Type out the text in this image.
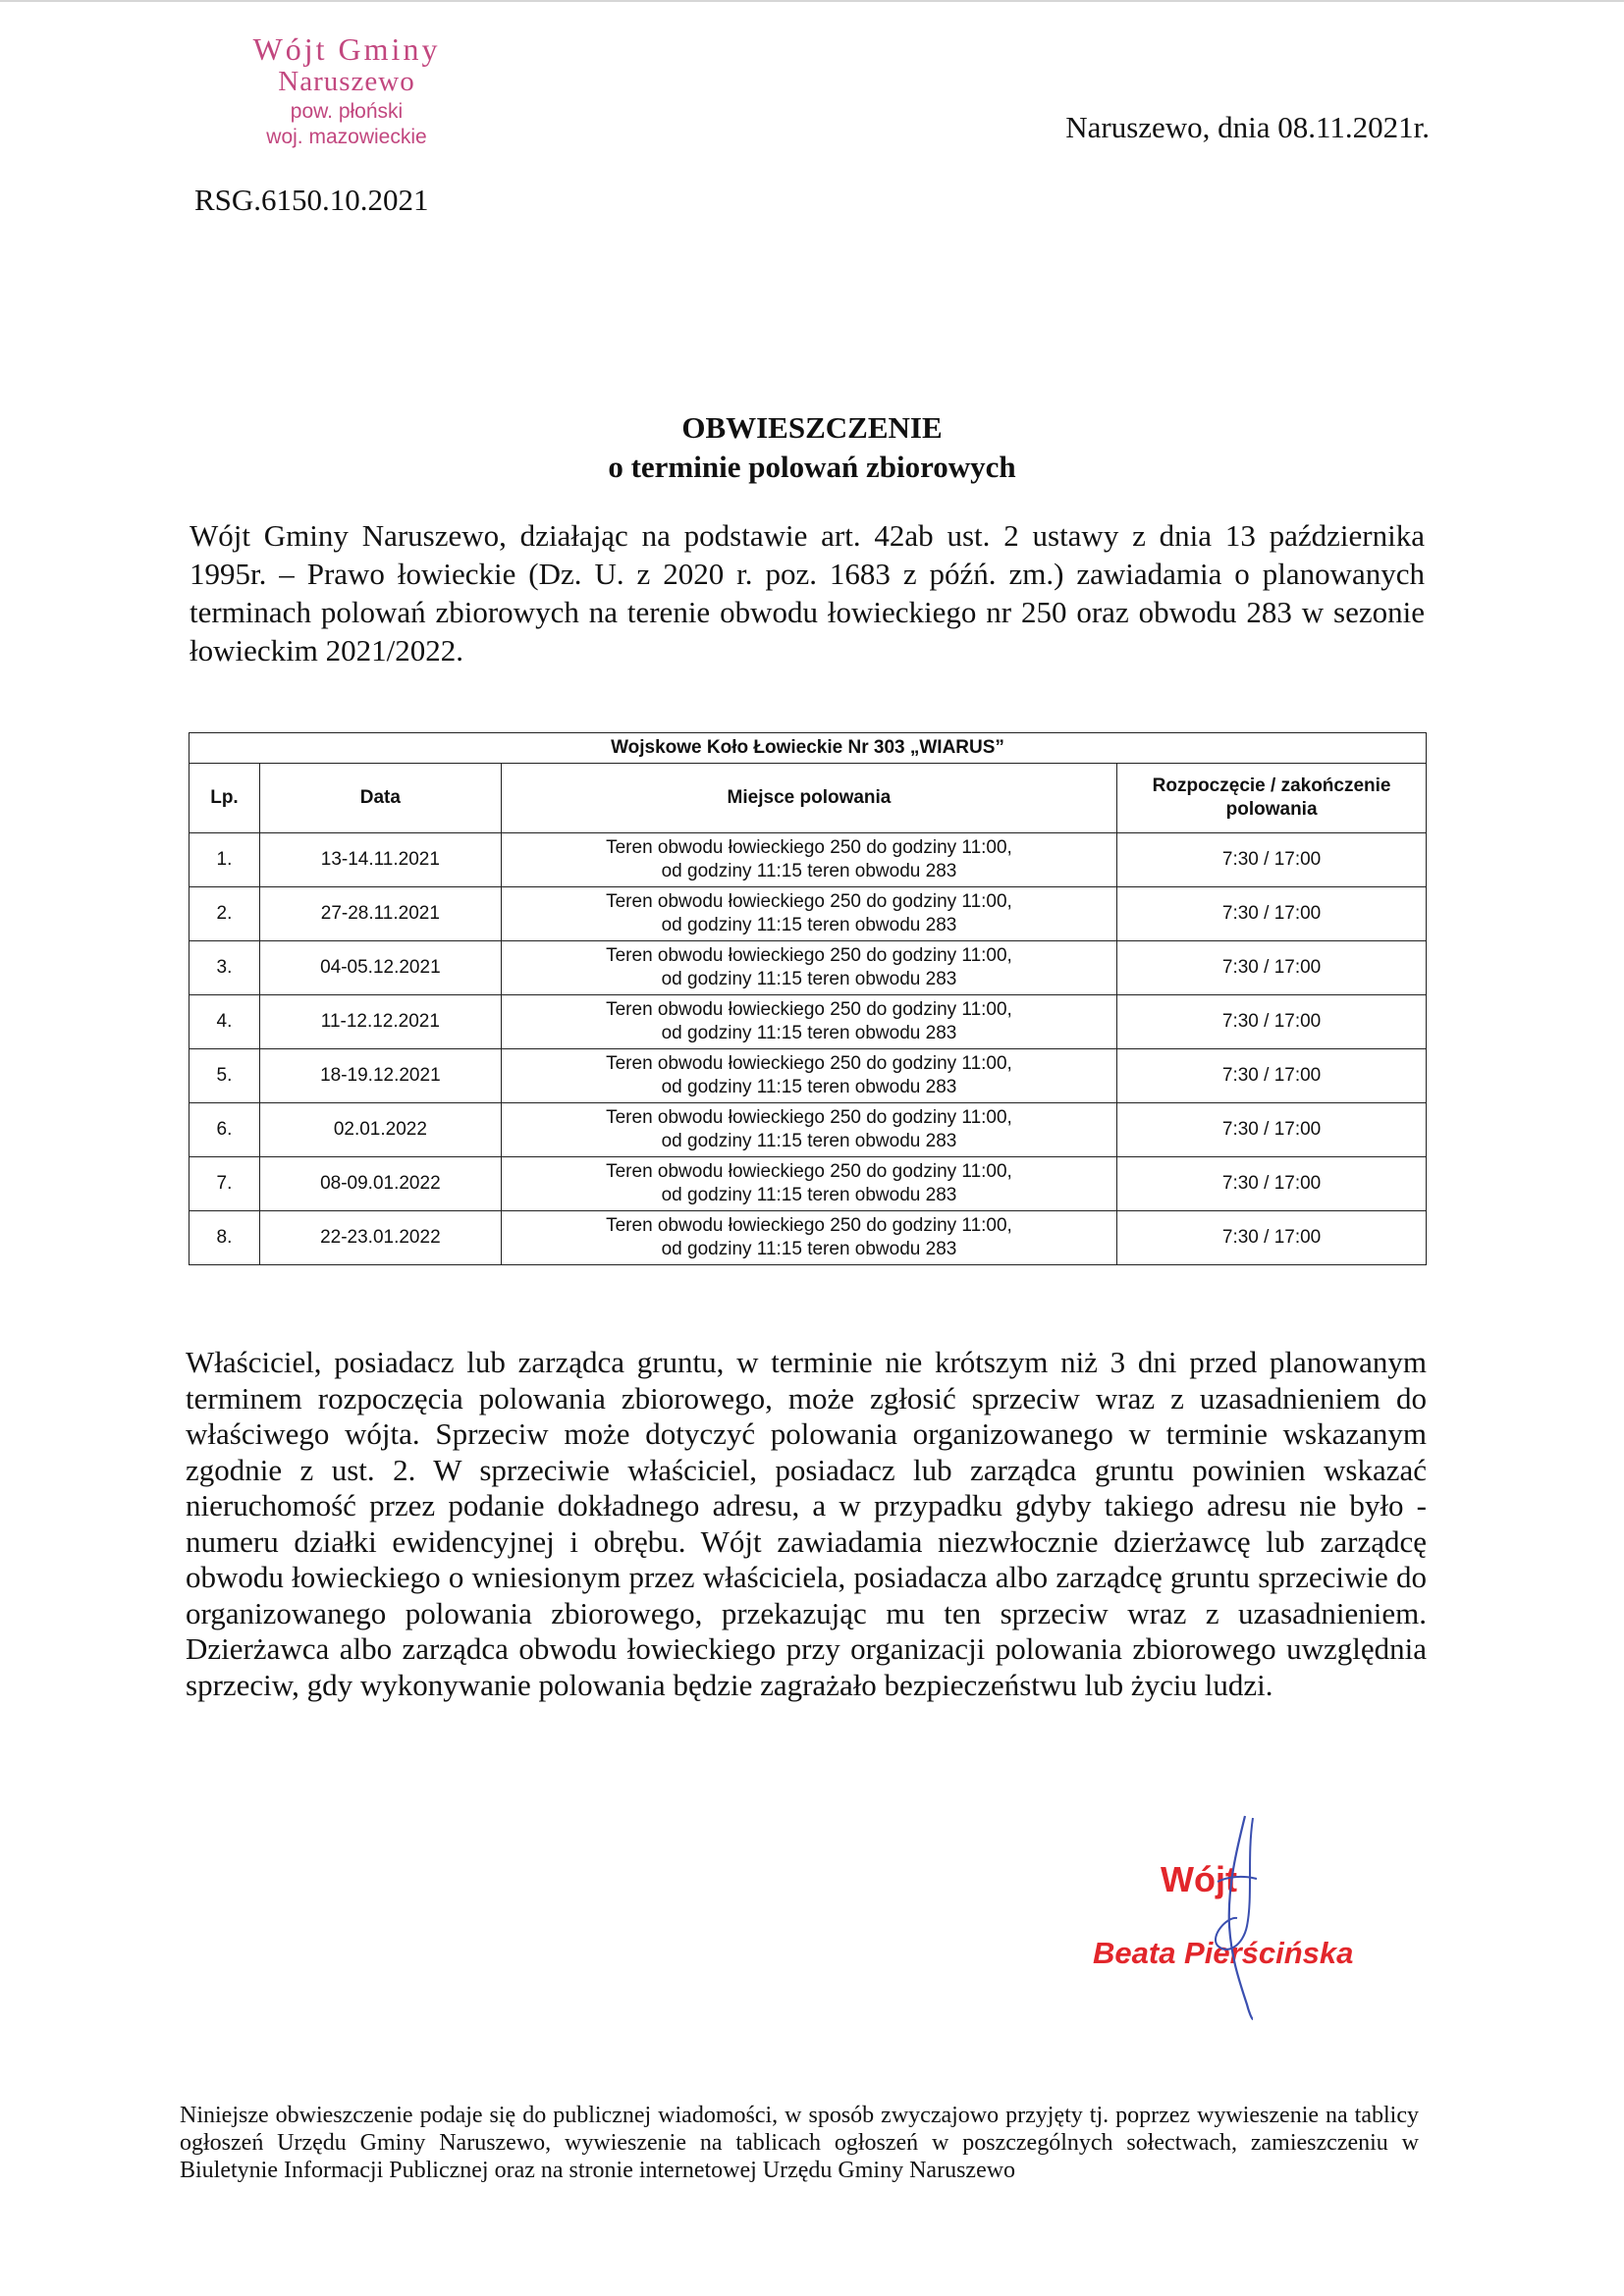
Wójt Gminy
Naruszewo
pow. płoński
woj. mazowieckie	Naruszewo, dnia 08.11.2021r.
RSG.6150.10.2021
OBWIESZCZENIE
o terminie polowań zbiorowych
Wójt Gminy Naruszewo, działając na podstawie art. 42ab ust. 2 ustawy z dnia 13 października 1995r. – Prawo łowieckie (Dz. U. z 2020 r. poz. 1683 z późń. zm.) zawiadamia o planowanych terminach polowań zbiorowych na terenie obwodu łowieckiego nr 250 oraz obwodu 283 w sezonie łowieckim 2021/2022.
Wojskowe Koło Łowieckie Nr 303 „WIARUS”			
Lp.	Data	Miejsce polowania	Rozpoczęcie / zakończenie polowania
1.	13-14.11.2021	Teren obwodu łowieckiego 250 do godziny 11:00,
od godziny 11:15 teren obwodu 283	7:30 / 17:00
2.	27-28.11.2021	Teren obwodu łowieckiego 250 do godziny 11:00,
od godziny 11:15 teren obwodu 283	7:30 / 17:00
3.	04-05.12.2021	Teren obwodu łowieckiego 250 do godziny 11:00,
od godziny 11:15 teren obwodu 283	7:30 / 17:00
4.	11-12.12.2021	Teren obwodu łowieckiego 250 do godziny 11:00,
od godziny 11:15 teren obwodu 283	7:30 / 17:00
5.	18-19.12.2021	Teren obwodu łowieckiego 250 do godziny 11:00,
od godziny 11:15 teren obwodu 283	7:30 / 17:00
6.	02.01.2022	Teren obwodu łowieckiego 250 do godziny 11:00,
od godziny 11:15 teren obwodu 283	7:30 / 17:00
7.	08-09.01.2022	Teren obwodu łowieckiego 250 do godziny 11:00,
od godziny 11:15 teren obwodu 283	7:30 / 17:00
8.	22-23.01.2022	Teren obwodu łowieckiego 250 do godziny 11:00,
od godziny 11:15 teren obwodu 283	7:30 / 17:00
Właściciel, posiadacz lub zarządca gruntu, w terminie nie krótszym niż 3 dni przed planowanym terminem rozpoczęcia polowania zbiorowego, może zgłosić sprzeciw wraz z uzasadnieniem do właściwego wójta. Sprzeciw może dotyczyć polowania organizowanego w terminie wskazanym zgodnie z ust. 2. W sprzeciwie właściciel, posiadacz lub zarządca gruntu powinien wskazać nieruchomość przez podanie dokładnego adresu, a w przypadku gdyby takiego adresu nie było - numeru działki ewidencyjnej i obrębu. Wójt zawiadamia niezwłocznie dzierżawcę lub zarządcę obwodu łowieckiego o wniesionym przez właściciela, posiadacza albo zarządcę gruntu sprzeciwie do organizowanego polowania zbiorowego, przekazując mu ten sprzeciw wraz z uzasadnieniem. Dzierżawca albo zarządca obwodu łowieckiego przy organizacji polowania zbiorowego uwzględnia sprzeciw, gdy wykonywanie polowania będzie zagrażało bezpieczeństwu lub życiu ludzi.
Wójt
Beata Pierścińska
Niniejsze obwieszczenie podaje się do publicznej wiadomości, w sposób zwyczajowo przyjęty tj. poprzez wywieszenie na tablicy ogłoszeń Urzędu Gminy Naruszewo, wywieszenie na tablicach ogłoszeń w poszczególnych sołectwach, zamieszczeniu w Biuletynie Informacji Publicznej oraz na stronie internetowej Urzędu Gminy Naruszewo
